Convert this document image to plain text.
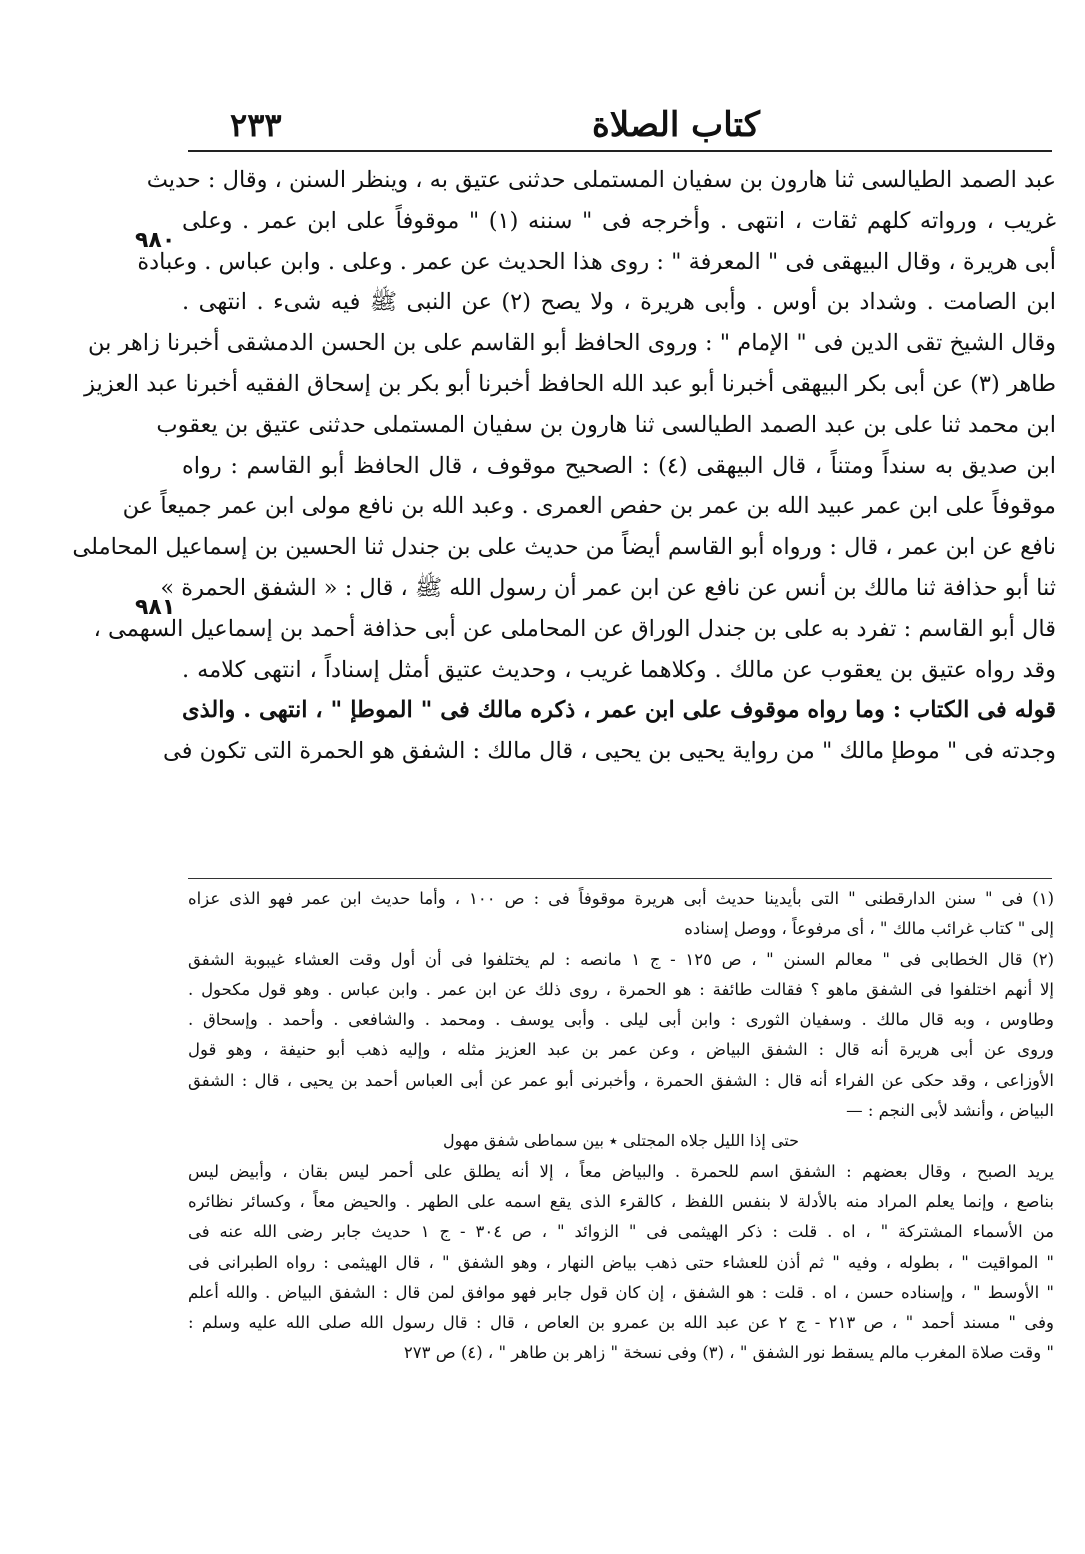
كتاب الصلاة
٢٣٣
٩٨٠
٩٨١
عبد الصمد الطيالسى ثنا هارون بن سفيان المستملى حدثنى عتيق به ، وينظر السنن ، وقال : حديث
غريب ، ورواته كلهم ثقات ، انتهى . وأخرجه فى " سننه (١) " موقوفاً على ابن عمر . وعلى
أبى هريرة ، وقال البيهقى فى " المعرفة " : روى هذا الحديث عن عمر . وعلى . وابن عباس . وعبادة
ابن الصامت . وشداد بن أوس . وأبى هريرة ، ولا يصح (٢) عن النبى ﷺ فيه شىء . انتهى .
وقال الشيخ تقى الدين فى " الإمام " : وروى الحافظ أبو القاسم على بن الحسن الدمشقى أخبرنا زاهر بن
طاهر (٣) عن أبى بكر البيهقى أخبرنا أبو عبد الله الحافظ أخبرنا أبو بكر بن إسحاق الفقيه أخبرنا عبد العزيز
ابن محمد ثنا على بن عبد الصمد الطيالسى ثنا هارون بن سفيان المستملى حدثنى عتيق بن يعقوب
ابن صديق به سنداً ومتناً ، قال البيهقى (٤) : الصحيح موقوف ، قال الحافظ أبو القاسم : رواه
موقوفاً على ابن عمر عبيد الله بن عمر بن حفص العمرى . وعبد الله بن نافع مولى ابن عمر جميعاً عن
نافع عن ابن عمر ، قال : ورواه أبو القاسم أيضاً من حديث على بن جندل ثنا الحسين بن إسماعيل المحاملى
ثنا أبو حذافة ثنا مالك بن أنس عن نافع عن ابن عمر أن رسول الله ﷺ ، قال : « الشفق الحمرة »
قال أبو القاسم : تفرد به على بن جندل الوراق عن المحاملى عن أبى حذافة أحمد بن إسماعيل السهمى ،
وقد رواه عتيق بن يعقوب عن مالك . وكلاهما غريب ، وحديث عتيق أمثل إسناداً ، انتهى كلامه .
قوله فى الكتاب : وما رواه موقوف على ابن عمر ، ذكره مالك فى " الموطإ " ، انتهى . والذى
وجدته فى " موطإ مالك " من رواية يحيى بن يحيى ، قال مالك : الشفق هو الحمرة التى تكون فى
(١) فى " سنن الدارقطنى " التى بأيدينا حديث أبى هريرة موقوفاً فى : ص ١٠٠ ، وأما حديث ابن عمر فهو الذى عزاه
إلى " كتاب غرائب مالك " ، أى مرفوعاً ، ووصل إسناده
(٢) قال الخطابى فى " معالم السنن " ، ص ١٢٥ - ج ١ مانصه : لم يختلفوا فى أن أول وقت العشاء غيبوبة الشفق
إلا أنهم اختلفوا فى الشفق ماهو ؟ فقالت طائفة : هو الحمرة ، روى ذلك عن ابن عمر . وابن عباس . وهو قول مكحول .
وطاوس ، وبه قال مالك . وسفيان الثورى : وابن أبى ليلى . وأبى يوسف . ومحمد . والشافعى . وأحمد . وإسحاق .
وروى عن أبى هريرة أنه قال : الشفق البياض ، وعن عمر بن عبد العزيز مثله ، وإليه ذهب أبو حنيفة ، وهو قول
الأوزاعى ، وقد حكى عن الفراء أنه قال : الشفق الحمرة ، وأخبرنى أبو عمر عن أبى العباس أحمد بن يحيى ، قال : الشفق
البياض ، وأنشد لأبى النجم : —
حتى إذا الليل جلاه المجتلى ٭ بين سماطى شفق مهول
يريد الصبح ، وقال بعضهم : الشفق اسم للحمرة . والبياض معاً ، إلا أنه يطلق على أحمر ليس بقان ، وأبيض ليس
بناصع ، وإنما يعلم المراد منه بالأدلة لا بنفس اللفظ ، كالقرء الذى يقع اسمه على الطهر . والحيض معاً ، وكسائر نظائره
من الأسماء المشتركة " ، اه . قلت : ذكر الهيثمى فى " الزوائد " ، ص ٣٠٤ - ج ١ حديث جابر رضى الله عنه فى
" المواقيت " ، بطوله ، وفيه " ثم أذن للعشاء حتى ذهب بياض النهار ، وهو الشفق " ، قال الهيثمى : رواه الطبرانى فى
" الأوسط " ، وإسناده حسن ، اه . قلت : هو الشفق ، إن كان قول جابر فهو موافق لمن قال : الشفق البياض . والله أعلم
وفى " مسند أحمد " ، ص ٢١٣ - ج ٢ عن عبد الله بن عمرو بن العاص ، قال : قال رسول الله صلى الله عليه وسلم :
" وقت صلاة المغرب مالم يسقط نور الشفق " ، (٣) وفى نسخة " زاهر بن طاهر " ، (٤) ص ٢٧٣
